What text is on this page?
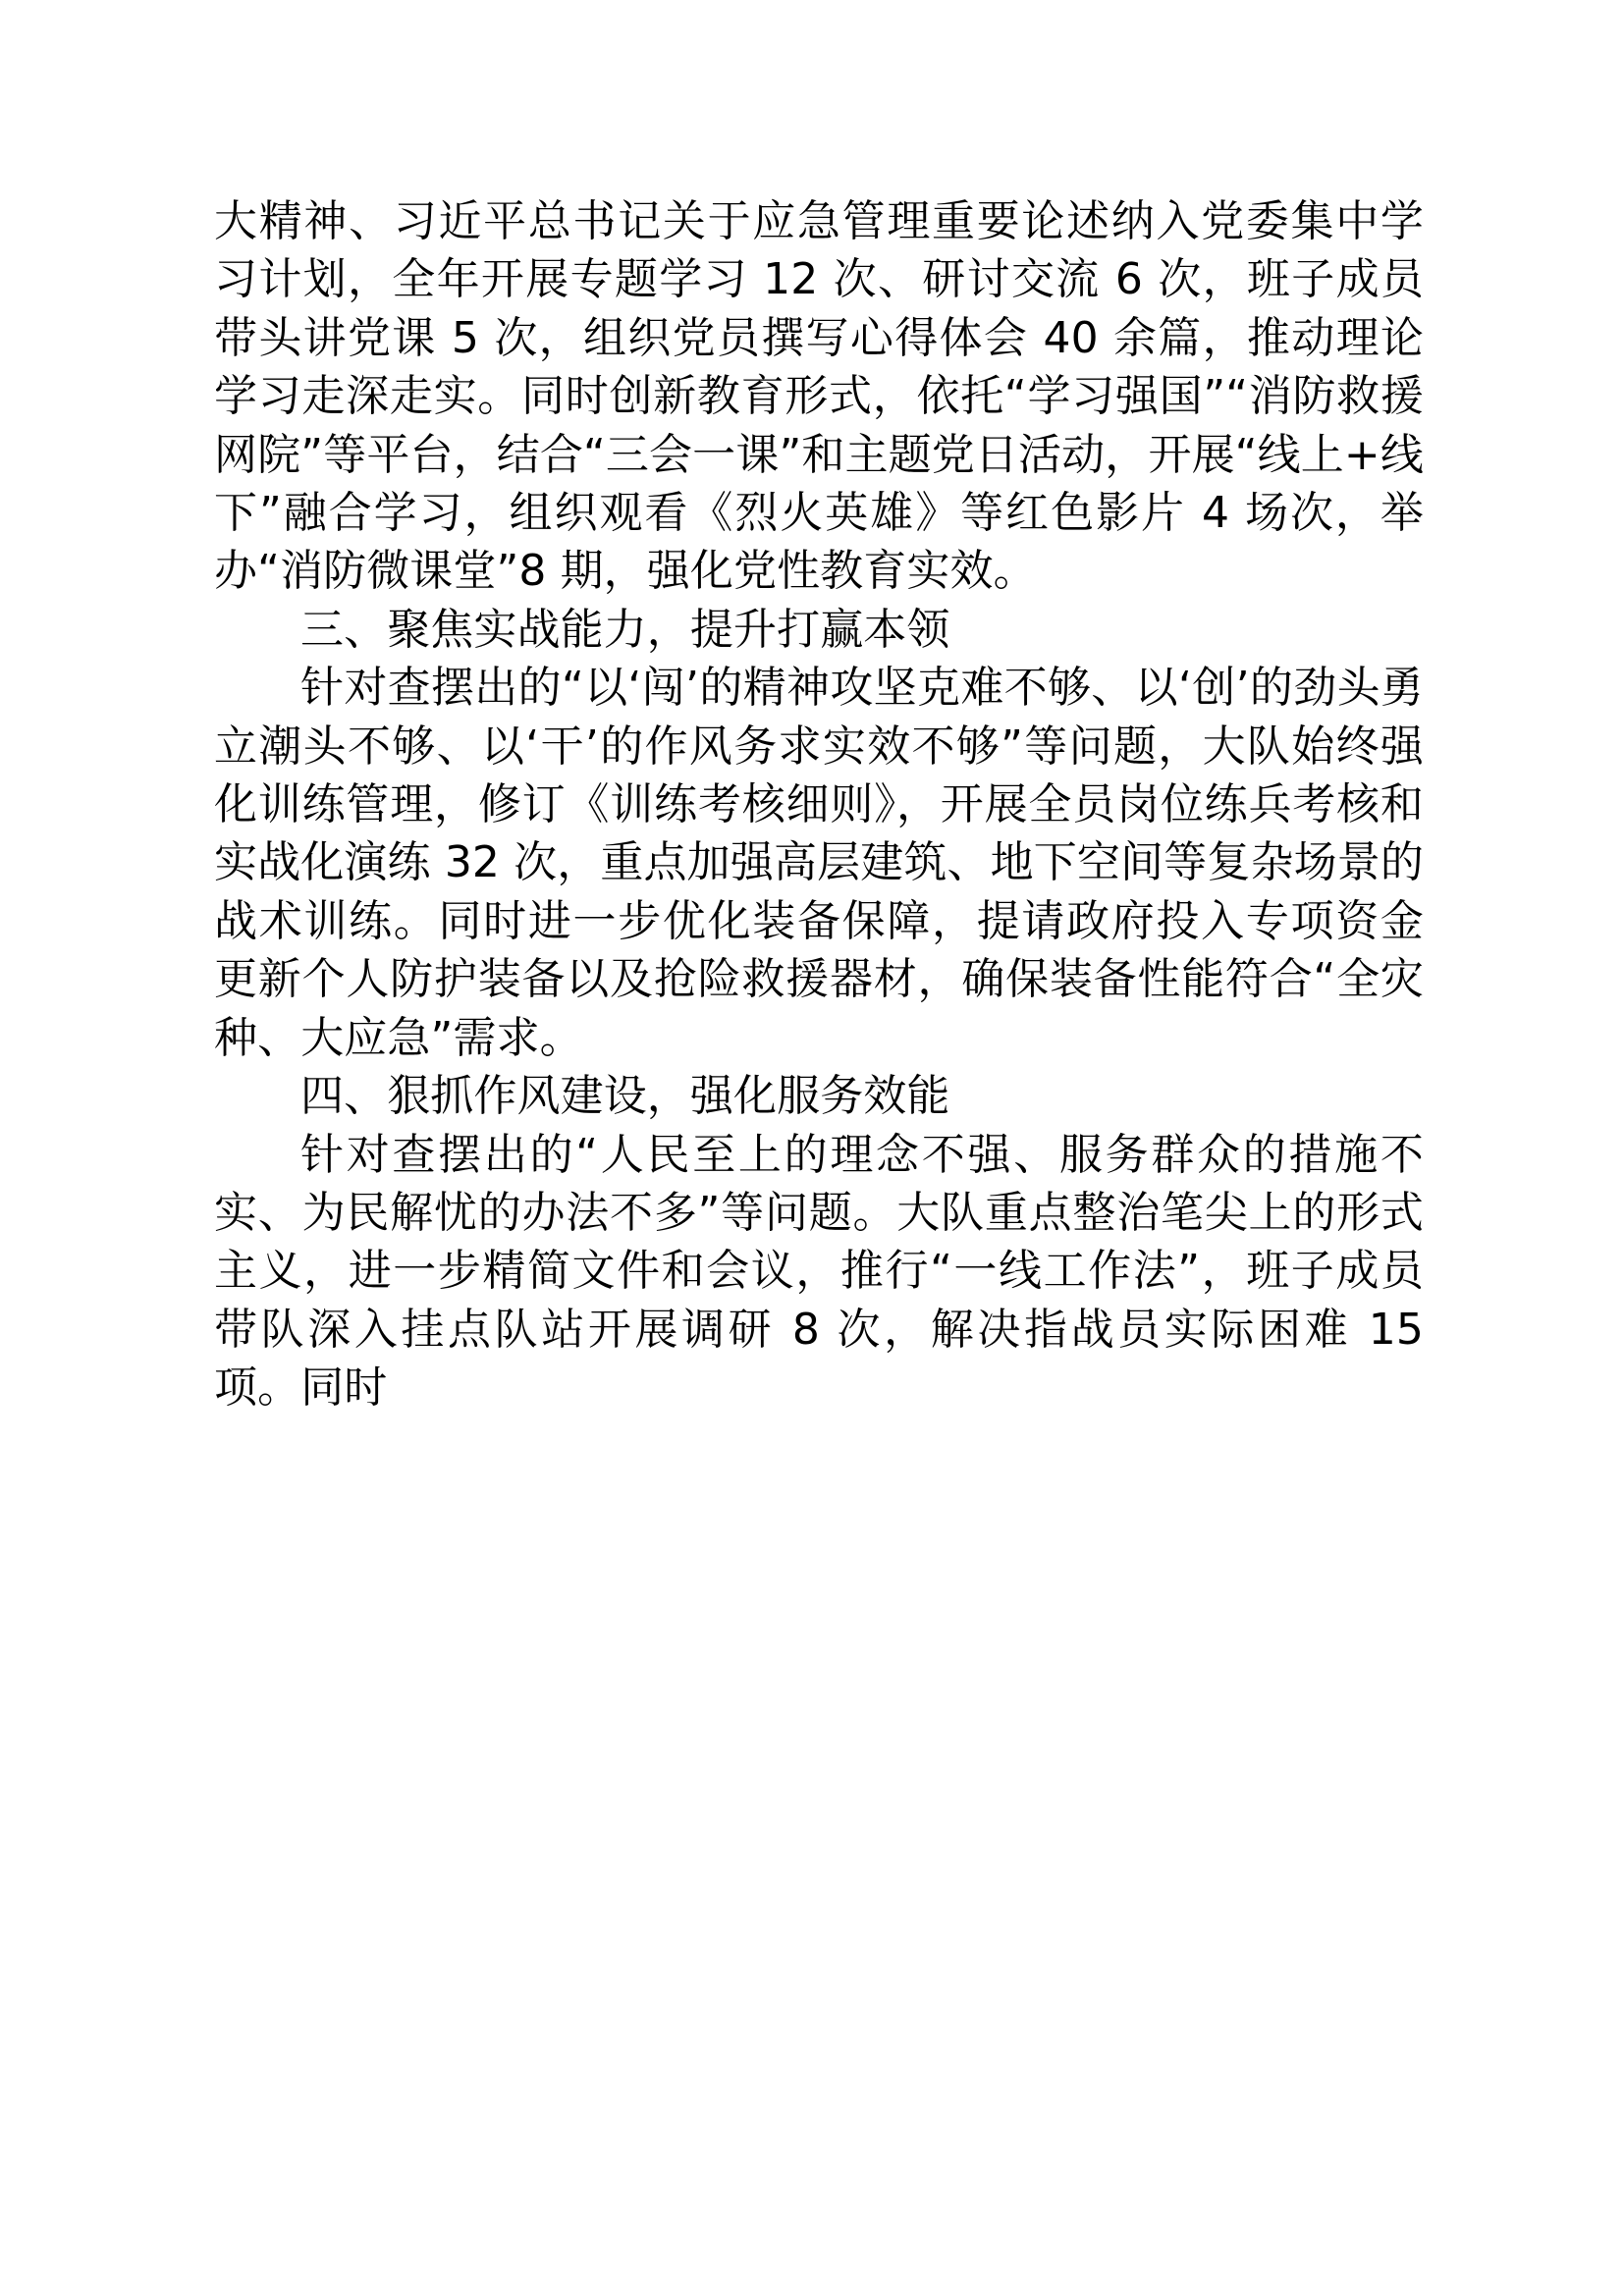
大精神、习近平总书记关于应急管理重要论述纳入党委集中学习计划，全年开展专题学习 12 次、研讨交流 6 次，班子成员带头讲党课 5 次，组织党员撰写心得体会 40 余篇，推动理论学习走深走实。同时创新教育形式，依托“学习强国”“消防救援网院”等平台，结合“三会一课”和主题党日活动，开展“线上+线下”融合学习，组织观看《烈火英雄》等红色影片 4 场次，举办“消防微课堂”8 期，强化党性教育实效。

三、聚焦实战能力，提升打赢本领

针对查摆出的“以‘闯’的精神攻坚克难不够、以‘创’的劲头勇立潮头不够、以‘干’的作风务求实效不够”等问题，大队始终强化训练管理，修订《训练考核细则》，开展全员岗位练兵考核和实战化演练 32 次，重点加强高层建筑、地下空间等复杂场景的战术训练。同时进一步优化装备保障，提请政府投入专项资金更新个人防护装备以及抢险救援器材，确保装备性能符合“全灾种、大应急”需求。

四、狠抓作风建设，强化服务效能

针对查摆出的“人民至上的理念不强、服务群众的措施不实、为民解忧的办法不多”等问题。大队重点整治笔尖上的形式主义，进一步精简文件和会议，推行“一线工作法”，班子成员带队深入挂点队站开展调研 8 次，解决指战员实际困难 15 项。同时
